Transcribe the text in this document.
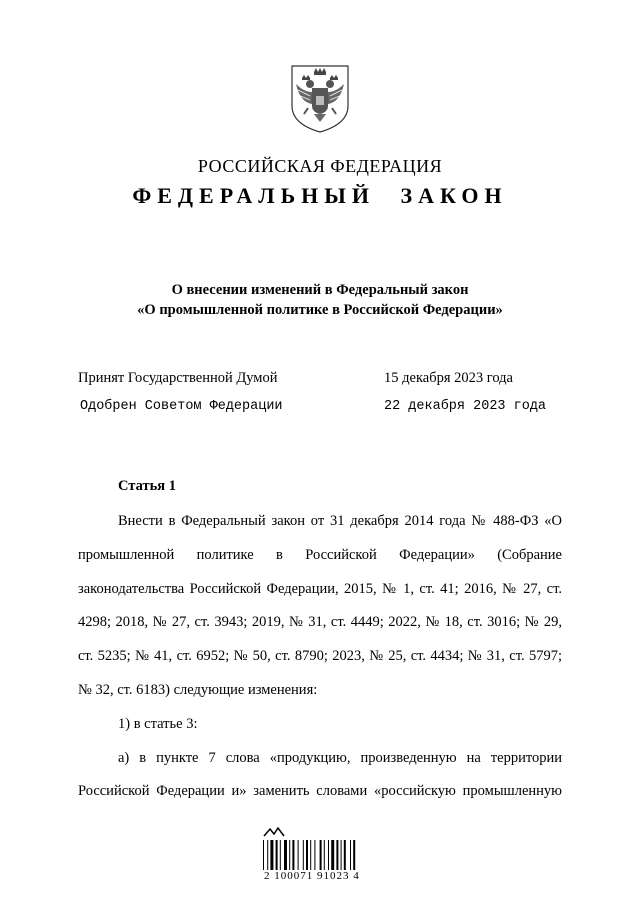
РОССИЙСКАЯ ФЕДЕРАЦИЯ
ФЕДЕРАЛЬНЫЙ ЗАКОН
О внесении изменений в Федеральный закон
«О промышленной политике в Российской Федерации»
Принят Государственной Думой	15 декабря 2023 года
Одобрен Советом Федерации	22 декабря 2023 года
Статья 1

Внести в Федеральный закон от 31 декабря 2014 года № 488-ФЗ «О промышленной политике в Российской Федерации» (Собрание законодательства Российской Федерации, 2015, № 1, ст. 41; 2016, № 27, ст. 4298; 2018, № 27, ст. 3943; 2019, № 31, ст. 4449; 2022, № 18, ст. 3016; № 29, ст. 5235; № 41, ст. 6952; № 50, ст. 8790; 2023, № 25, ст. 4434; № 31, ст. 5797; № 32, ст. 6183) следующие изменения:

1) в статье 3:

а) в пункте 7 слова «продукцию, произведенную на территории Российской Федерации и» заменить словами «российскую промышленную

2 100071 91023 4
